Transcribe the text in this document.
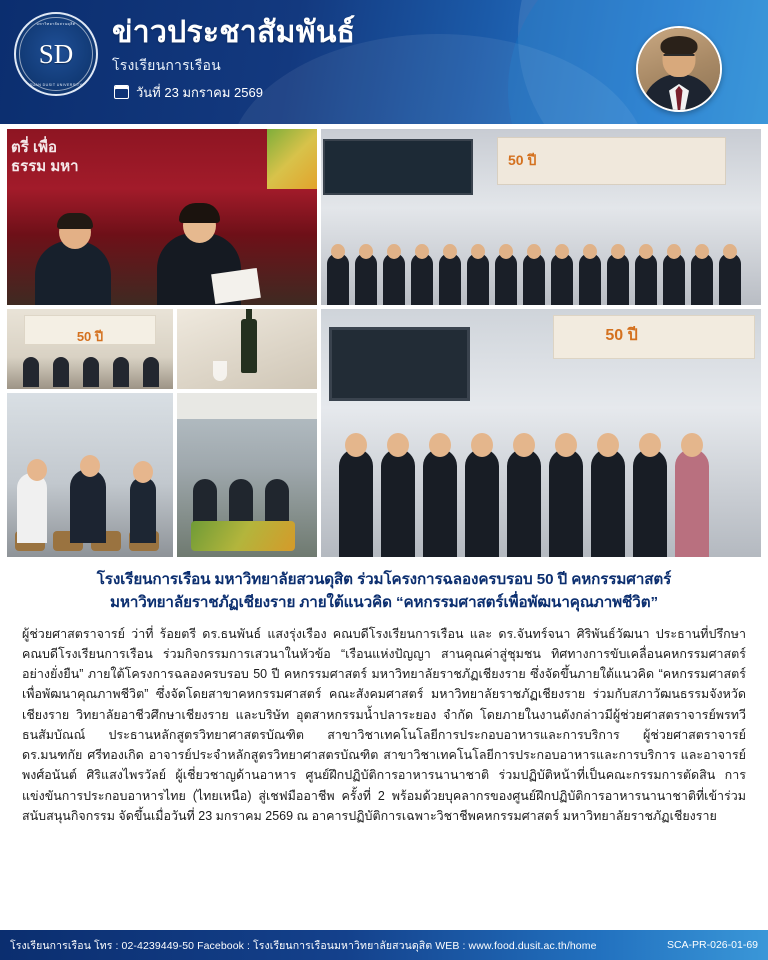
มหาวิทยาลัยสวนดุสิต
SD
SUAN DUSIT UNIVERSITY
ข่าวประชาสัมพันธ์
โรงเรียนการเรือน
วันที่ 23 มกราคม 2569
ตรี่ เพื่อ
ธรรม มหา	50 ปี
50 ปี	50 ปี
โรงเรียนการเรือน มหาวิทยาลัยสวนดุสิต ร่วมโครงการฉลองครบรอบ 50 ปี คหกรรมศาสตร์
มหาวิทยาลัยราชภัฏเชียงราย ภายใต้แนวคิด “คหกรรมศาสตร์เพื่อพัฒนาคุณภาพชีวิต”
ผู้ช่วยศาสตราจารย์ ว่าที่ ร้อยตรี ดร.ธนพันธ์ แสงรุ่งเรือง คณบดีโรงเรียนการเรือน และ ดร.จันทร์จนา ศิริพันธ์วัฒนา ประธานที่ปรึกษาคณบดีโรงเรียนการเรือน ร่วมกิจกรรมการเสวนาในหัวข้อ “เรือนแห่งปัญญา สานคุณค่าสู่ชุมชน ทิศทางการขับเคลื่อนคหกรรมศาสตร์อย่างยั่งยืน” ภายใต้โครงการฉลองครบรอบ 50 ปี คหกรรมศาสตร์ มหาวิทยาลัยราชภัฏเชียงราย ซึ่งจัดขึ้นภายใต้แนวคิด “คหกรรมศาสตร์เพื่อพัฒนาคุณภาพชีวิต” ซึ่งจัดโดยสาขาคหกรรมศาสตร์ คณะสังคมศาสตร์ มหาวิทยาลัยราชภัฏเชียงราย ร่วมกับสภาวัฒนธรรมจังหวัดเชียงราย วิทยาลัยอาชีวศึกษาเชียงราย และบริษัท อุตสาหกรรมน้ำปลาระยอง จำกัด โดยภายในงานดังกล่าวมีผู้ช่วยศาสตราจารย์พรทวี ธนสัมบัณณ์ ประธานหลักสูตรวิทยาศาสตรบัณฑิต สาขาวิชาเทคโนโลยีการประกอบอาหารและการบริการ ผู้ช่วยศาสตราจารย์ ดร.มนฑกัย ศรีทองเกิด อาจารย์ประจำหลักสูตรวิทยาศาสตรบัณฑิต สาขาวิชาเทคโนโลยีการประกอบอาหารและการบริการ และอาจารย์พงศ์อนันต์ ศิริแสงไพรวัลย์ ผู้เชี่ยวชาญด้านอาหาร ศูนย์ฝึกปฏิบัติการอาหารนานาชาติ ร่วมปฏิบัติหน้าที่เป็นคณะกรรมการตัดสิน การแข่งขันการประกอบอาหารไทย (ไทยเหนือ) สู่เชฟมืออาชีพ ครั้งที่ 2 พร้อมด้วยบุคลากรของศูนย์ฝึกปฏิบัติการอาหารนานาชาติที่เข้าร่วมสนับสนุนกิจกรรม จัดขึ้นเมื่อวันที่ 23 มกราคม 2569 ณ อาคารปฏิบัติการเฉพาะวิชาชีพคหกรรมศาสตร์ มหาวิทยาลัยราชภัฏเชียงราย
โรงเรียนการเรือน โทร : 02-4239449-50 Facebook : โรงเรียนการเรือนมหาวิทยาลัยสวนดุสิต WEB : www.food.dusit.ac.th/home	SCA-PR-026-01-69
